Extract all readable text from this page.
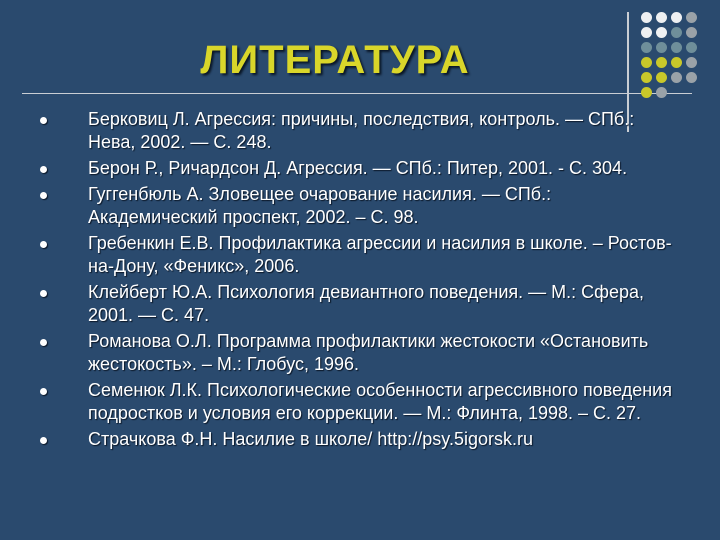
ЛИТЕРАТУРА
Берковиц Л. Агрессия: причины, последствия, контроль. — СПб.: Нева, 2002. — С. 248.
Берон Р., Ричардсон Д. Агрессия. — СПб.: Питер, 2001. - С. 304.
Гуггенбюль А. Зловещее очарование насилия. — СПб.: Академический проспект, 2002. – С. 98.
Гребенкин Е.В. Профилактика агрессии и насилия в школе. – Ростов-на-Дону, «Феникс», 2006.
Клейберт Ю.А. Психология девиантного поведения. — М.: Сфера, 2001. — С. 47.
Романова О.Л. Программа профилактики жестокости «Остановить жестокость». – М.: Глобус, 1996.
Семенюк Л.К. Психологические особенности агрессивного поведения подростков и условия его коррекции. — М.: Флинта, 1998. – С. 27.
Страчкова Ф.Н. Насилие в школе/ http://psy.5igorsk.ru
